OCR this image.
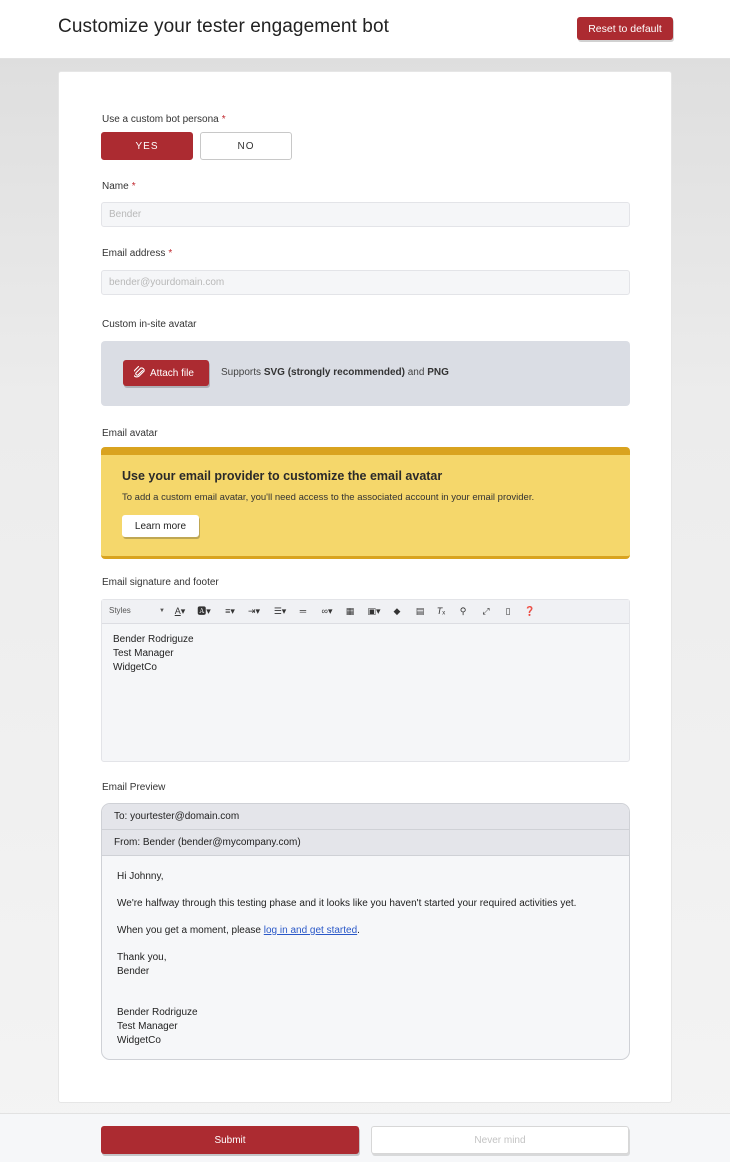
Customize your tester engagement bot	Reset to default
Use a custom bot persona *
YES	NO
Name *
Bender
Email address *
bender@yourdomain.com
Custom in-site avatar
Attach file	Supports SVG (strongly recommended) and PNG
Email avatar
Use your email provider to customize the email avatar
To add a custom email avatar, you'll need access to the associated account in your email provider.
Learn more
Email signature and footer
Styles	▼ A▾ 🅰▾ ≡▾ ⇥▾ ☰▾	═	∞▾	▦	▣▾	◆	▤	Tₓ	⚲	⤢	▯	❓
Bender Rodriguze
Test Manager
WidgetCo
Email Preview
To: yourtester@domain.com
From: Bender (bender@mycompany.com)

Hi Johnny,

We're halfway through this testing phase and it looks like you haven't started your required activities yet.

When you get a moment, please log in and get started.

Thank you,
Bender
Bender Rodriguze
Test Manager
WidgetCo
Submit	Never mind
